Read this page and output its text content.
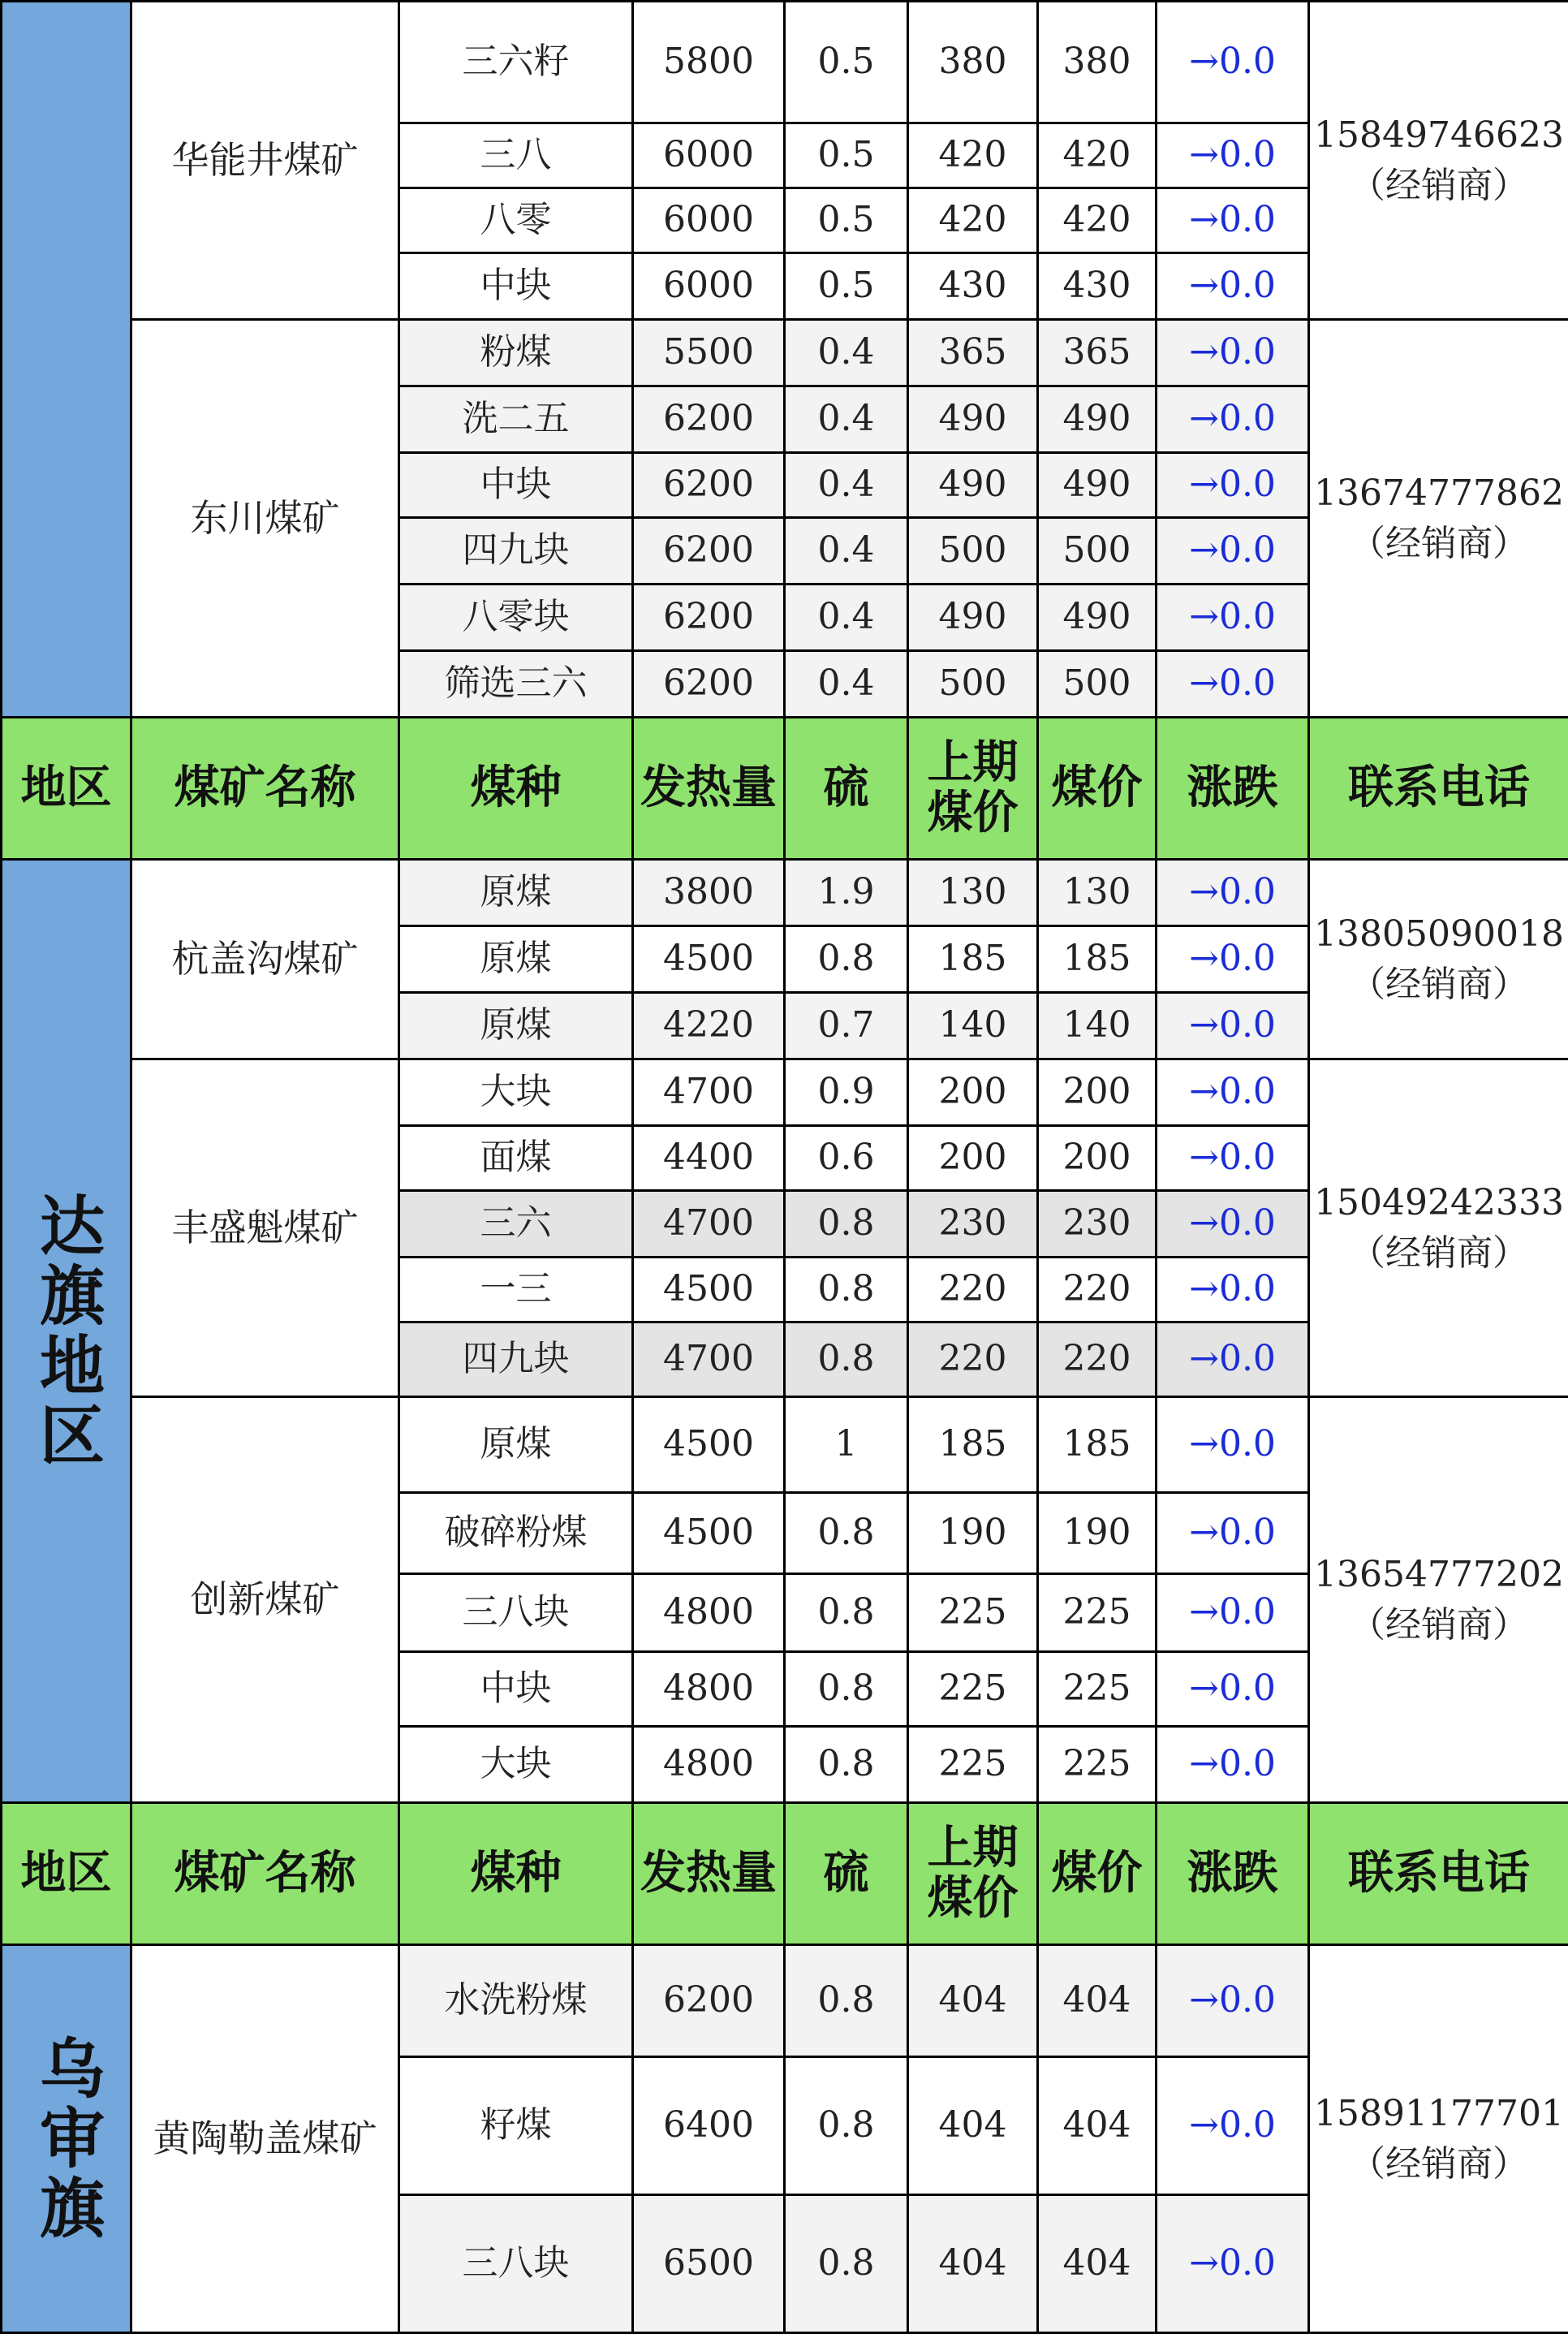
	华能井煤矿	三六籽	5800	0.5	380	380	→0.0	15849746623
（经销商）

		三八	6000	0.5	420	420	→0.0	
		八零	6000	0.5	420	420	→0.0	
		中块	6000	0.5	430	430	→0.0	
	东川煤矿	粉煤	5500	0.4	365	365	→0.0	13674777862
（经销商）

		洗二五	6200	0.4	490	490	→0.0	
		中块	6200	0.4	490	490	→0.0	
		四九块	6200	0.4	500	500	→0.0	
		八零块	6200	0.4	490	490	→0.0	
		筛选三六	6200	0.4	500	500	→0.0	
地区	煤矿名称	煤种	发热量	硫	上期煤价	煤价	涨跌	联系电话

达旗地区	杭盖沟煤矿	原煤	3800	1.9	130	130	→0.0	13805090018
（经销商）

		原煤	4500	0.8	185	185	→0.0	
		原煤	4220	0.7	140	140	→0.0	
	丰盛魁煤矿	大块	4700	0.9	200	200	→0.0	15049242333
（经销商）

		面煤	4400	0.6	200	200	→0.0	
		三六	4700	0.8	230	230	→0.0	
		一三	4500	0.8	220	220	→0.0	
		四九块	4700	0.8	220	220	→0.0	
	创新煤矿	原煤	4500	1	185	185	→0.0	13654777202
（经销商）

		破碎粉煤	4500	0.8	190	190	→0.0	
		三八块	4800	0.8	225	225	→0.0	
		中块	4800	0.8	225	225	→0.0	
		大块	4800	0.8	225	225	→0.0	
地区	煤矿名称	煤种	发热量	硫	上期煤价	煤价	涨跌	联系电话

乌审旗	黄陶勒盖煤矿	水洗粉煤	6200	0.8	404	404	→0.0	15891177701
（经销商）

		籽煤	6400	0.8	404	404	→0.0	
		三八块	6500	0.8	404	404	→0.0	
